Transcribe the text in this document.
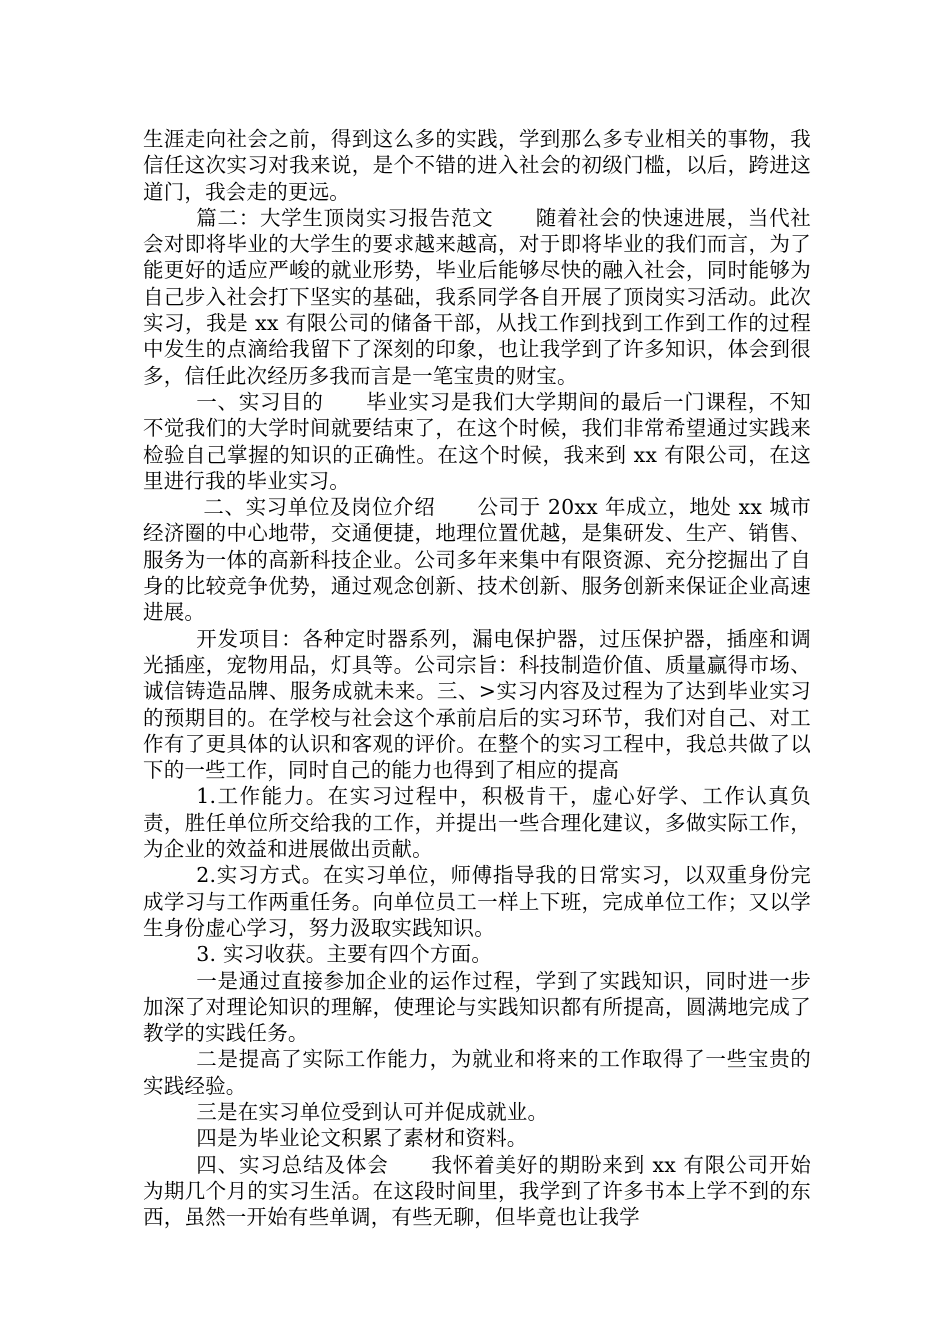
生涯走向社会之前，得到这么多的实践，学到那么多专业相关的事物，我信任这次实习对我来说，是个不错的进入社会的初级门槛，以后，跨进这道门，我会走的更远。

篇二：大学生顶岗实习报告范文　　随着社会的快速进展，当代社会对即将毕业的大学生的要求越来越高，对于即将毕业的我们而言，为了能更好的适应严峻的就业形势，毕业后能够尽快的融入社会，同时能够为自己步入社会打下坚实的基础，我系同学各自开展了顶岗实习活动。此次实习，我是 xx 有限公司的储备干部，从找工作到找到工作到工作的过程中发生的点滴给我留下了深刻的印象，也让我学到了许多知识，体会到很多，信任此次经历多我而言是一笔宝贵的财宝。

一、实习目的　　毕业实习是我们大学期间的最后一门课程，不知不觉我们的大学时间就要结束了，在这个时候，我们非常希望通过实践来检验自己掌握的知识的正确性。在这个时候，我来到 xx 有限公司，在这里进行我的毕业实习。

二、实习单位及岗位介绍　　公司于 20xx 年成立，地处 xx 城市经济圈的中心地带，交通便捷，地理位置优越，是集研发、生产、销售、服务为一体的高新科技企业。公司多年来集中有限资源、充分挖掘出了自身的比较竞争优势，通过观念创新、技术创新、服务创新来保证企业高速进展。

开发项目：各种定时器系列，漏电保护器，过压保护器，插座和调光插座，宠物用品，灯具等。公司宗旨：科技制造价值、质量赢得市场、诚信铸造品牌、服务成就未来。三、>实习内容及过程为了达到毕业实习的预期目的。在学校与社会这个承前启后的实习环节，我们对自己、对工作有了更具体的认识和客观的评价。在整个的实习工程中，我总共做了以下的一些工作，同时自己的能力也得到了相应的提高

1.工作能力。在实习过程中，积极肯干，虚心好学、工作认真负责，胜任单位所交给我的工作，并提出一些合理化建议，多做实际工作，为企业的效益和进展做出贡献。

2.实习方式。在实习单位，师傅指导我的日常实习，以双重身份完成学习与工作两重任务。向单位员工一样上下班，完成单位工作；又以学生身份虚心学习，努力汲取实践知识。

3. 实习收获。主要有四个方面。

一是通过直接参加企业的运作过程，学到了实践知识，同时进一步加深了对理论知识的理解，使理论与实践知识都有所提高，圆满地完成了教学的实践任务。

二是提高了实际工作能力，为就业和将来的工作取得了一些宝贵的实践经验。

三是在实习单位受到认可并促成就业。

四是为毕业论文积累了素材和资料。

四、实习总结及体会　　我怀着美好的期盼来到 xx 有限公司开始为期几个月的实习生活。在这段时间里，我学到了许多书本上学不到的东西，虽然一开始有些单调，有些无聊，但毕竟也让我学
